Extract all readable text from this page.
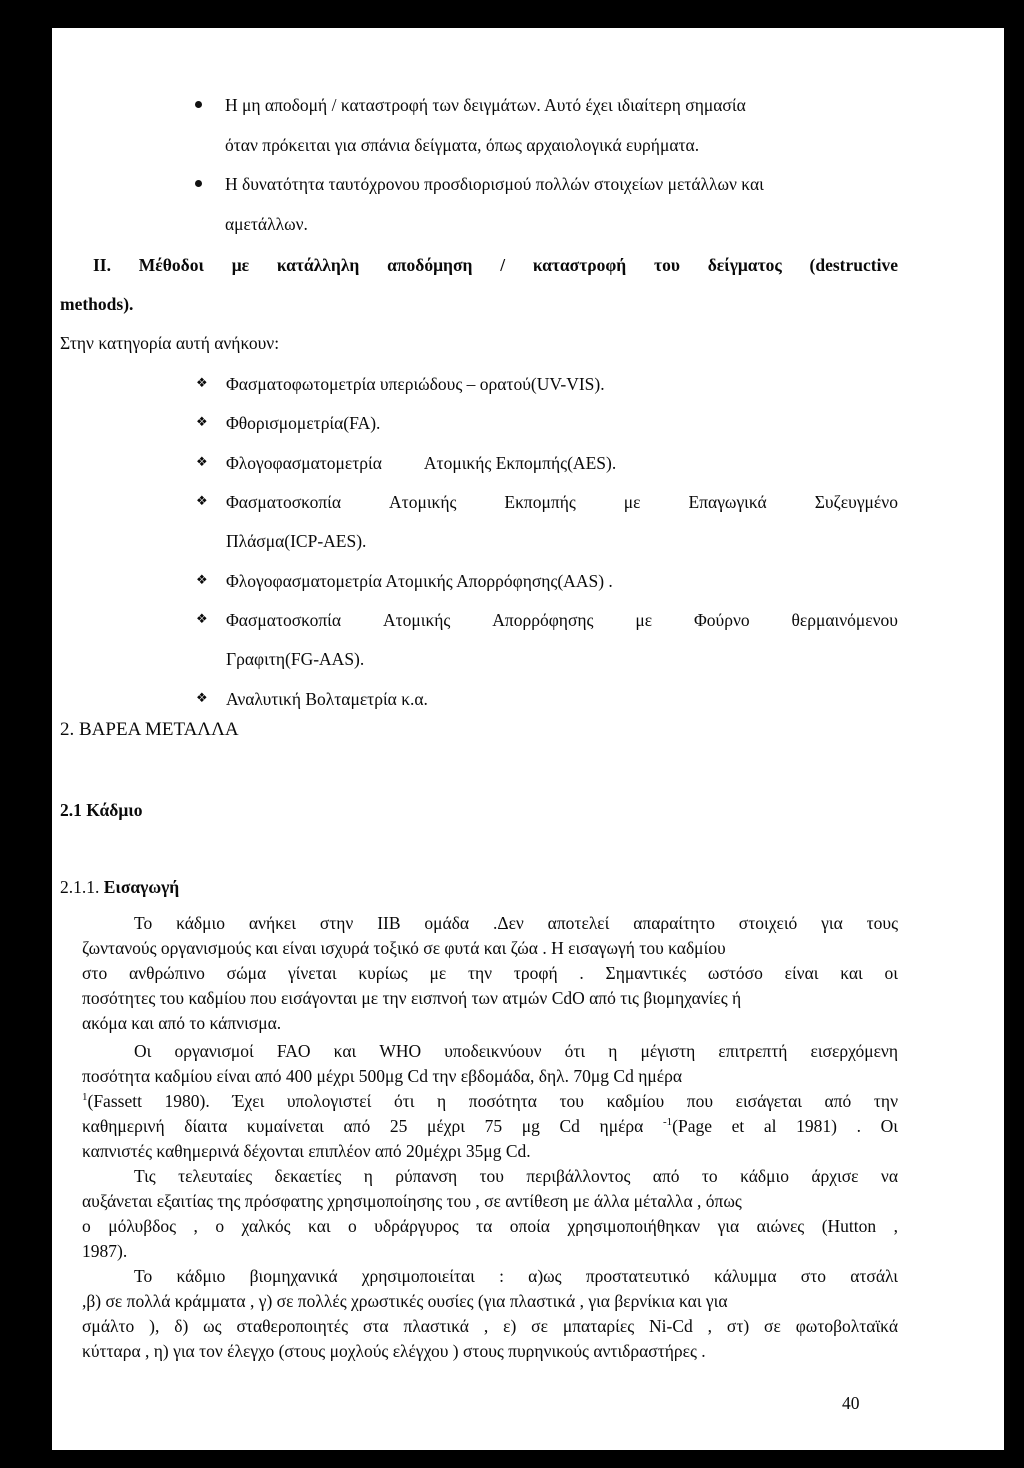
Η μη αποδομή / καταστροφή των δειγμάτων. Αυτό έχει ιδιαίτερη σημασία
όταν πρόκειται για σπάνια δείγματα, όπως αρχαιολογικά ευρήματα.
Η δυνατότητα ταυτόχρονου προσδιορισμού πολλών στοιχείων μετάλλων και
αμετάλλων.
II. Μέθοδοι με κατάλληλη αποδόμηση / καταστροφή του δείγματος (destructive
methods).
Στην κατηγορία αυτή ανήκουν:
❖ Φασματοφωτομετρία υπεριώδους – ορατού(UV-VIS).
❖ Φθορισμομετρία(FA).
❖ Φλογοφασματομετρία Ατομικής Εκπομπής(AES).
❖ Φασματοσκοπία	Ατομικής	Εκπομπής	με	Επαγωγικά	Συζευγμένο
Πλάσμα(ICP-AES).
❖ Φλογοφασματομετρία Ατομικής Απορρόφησης(AAS) .
❖ Φασματοσκοπία Ατομικής Απορρόφησης με Φούρνο θερμαινόμενου
Γραφιτη(FG-AAS).
❖ Αναλυτική Βολταμετρία κ.α.
2. ΒΑΡΕΑ ΜΕΤΑΛΛΑ
2.1 Κάδμιο
2.1.1. Εισαγωγή
Το κάδμιο ανήκει στην IIB ομάδα .Δεν αποτελεί απαραίτητο στοιχειό για τους
ζωντανούς οργανισμούς και είναι ισχυρά τοξικό σε φυτά και ζώα . Η εισαγωγή του καδμίου
στο ανθρώπινο σώμα γίνεται κυρίως με την τροφή . Σημαντικές ωστόσο είναι και οι
ποσότητες του καδμίου που εισάγονται με την εισπνοή των ατμών CdO από τις βιομηχανίες ή
ακόμα και από το κάπνισμα.
Οι οργανισμοί FAO και WHO υποδεικνύουν ότι η μέγιστη επιτρεπτή εισερχόμενη
ποσότητα καδμίου είναι από 400 μέχρι 500μg Cd την εβδομάδα, δηλ. 70μg Cd ημέρα
$^1$(Fassett 1980). Έχει υπολογιστεί ότι η ποσότητα του καδμίου που εισάγεται από την
καθημερινή δίαιτα κυμαίνεται από 25 μέχρι 75 μg Cd ημέρα $^{-1}$(Page et al 1981) . Οι
καπνιστές καθημερινά δέχονται επιπλέον από 20μέχρι 35μg Cd.
Τις τελευταίες δεκαετίες η ρύπανση του περιβάλλοντος από το κάδμιο άρχισε να
αυξάνεται εξαιτίας της πρόσφατης χρησιμοποίησης του , σε αντίθεση με άλλα μέταλλα , όπως
ο μόλυβδος , ο χαλκός και ο υδράργυρος τα οποία χρησιμοποιήθηκαν για αιώνες (Hutton ,
1987).
Το κάδμιο βιομηχανικά χρησιμοποιείται : α)ως προστατευτικό κάλυμμα στο ατσάλι
,β) σε πολλά κράμματα , γ) σε πολλές χρωστικές ουσίες (για πλαστικά , για βερνίκια και για
σμάλτο ), δ) ως σταθεροποιητές στα πλαστικά , ε) σε μπαταρίες Ni-Cd , στ) σε φωτοβολταϊκά
κύτταρα , η) για τον έλεγχο (στους μοχλούς ελέγχου ) στους πυρηνικούς αντιδραστήρες .
40
